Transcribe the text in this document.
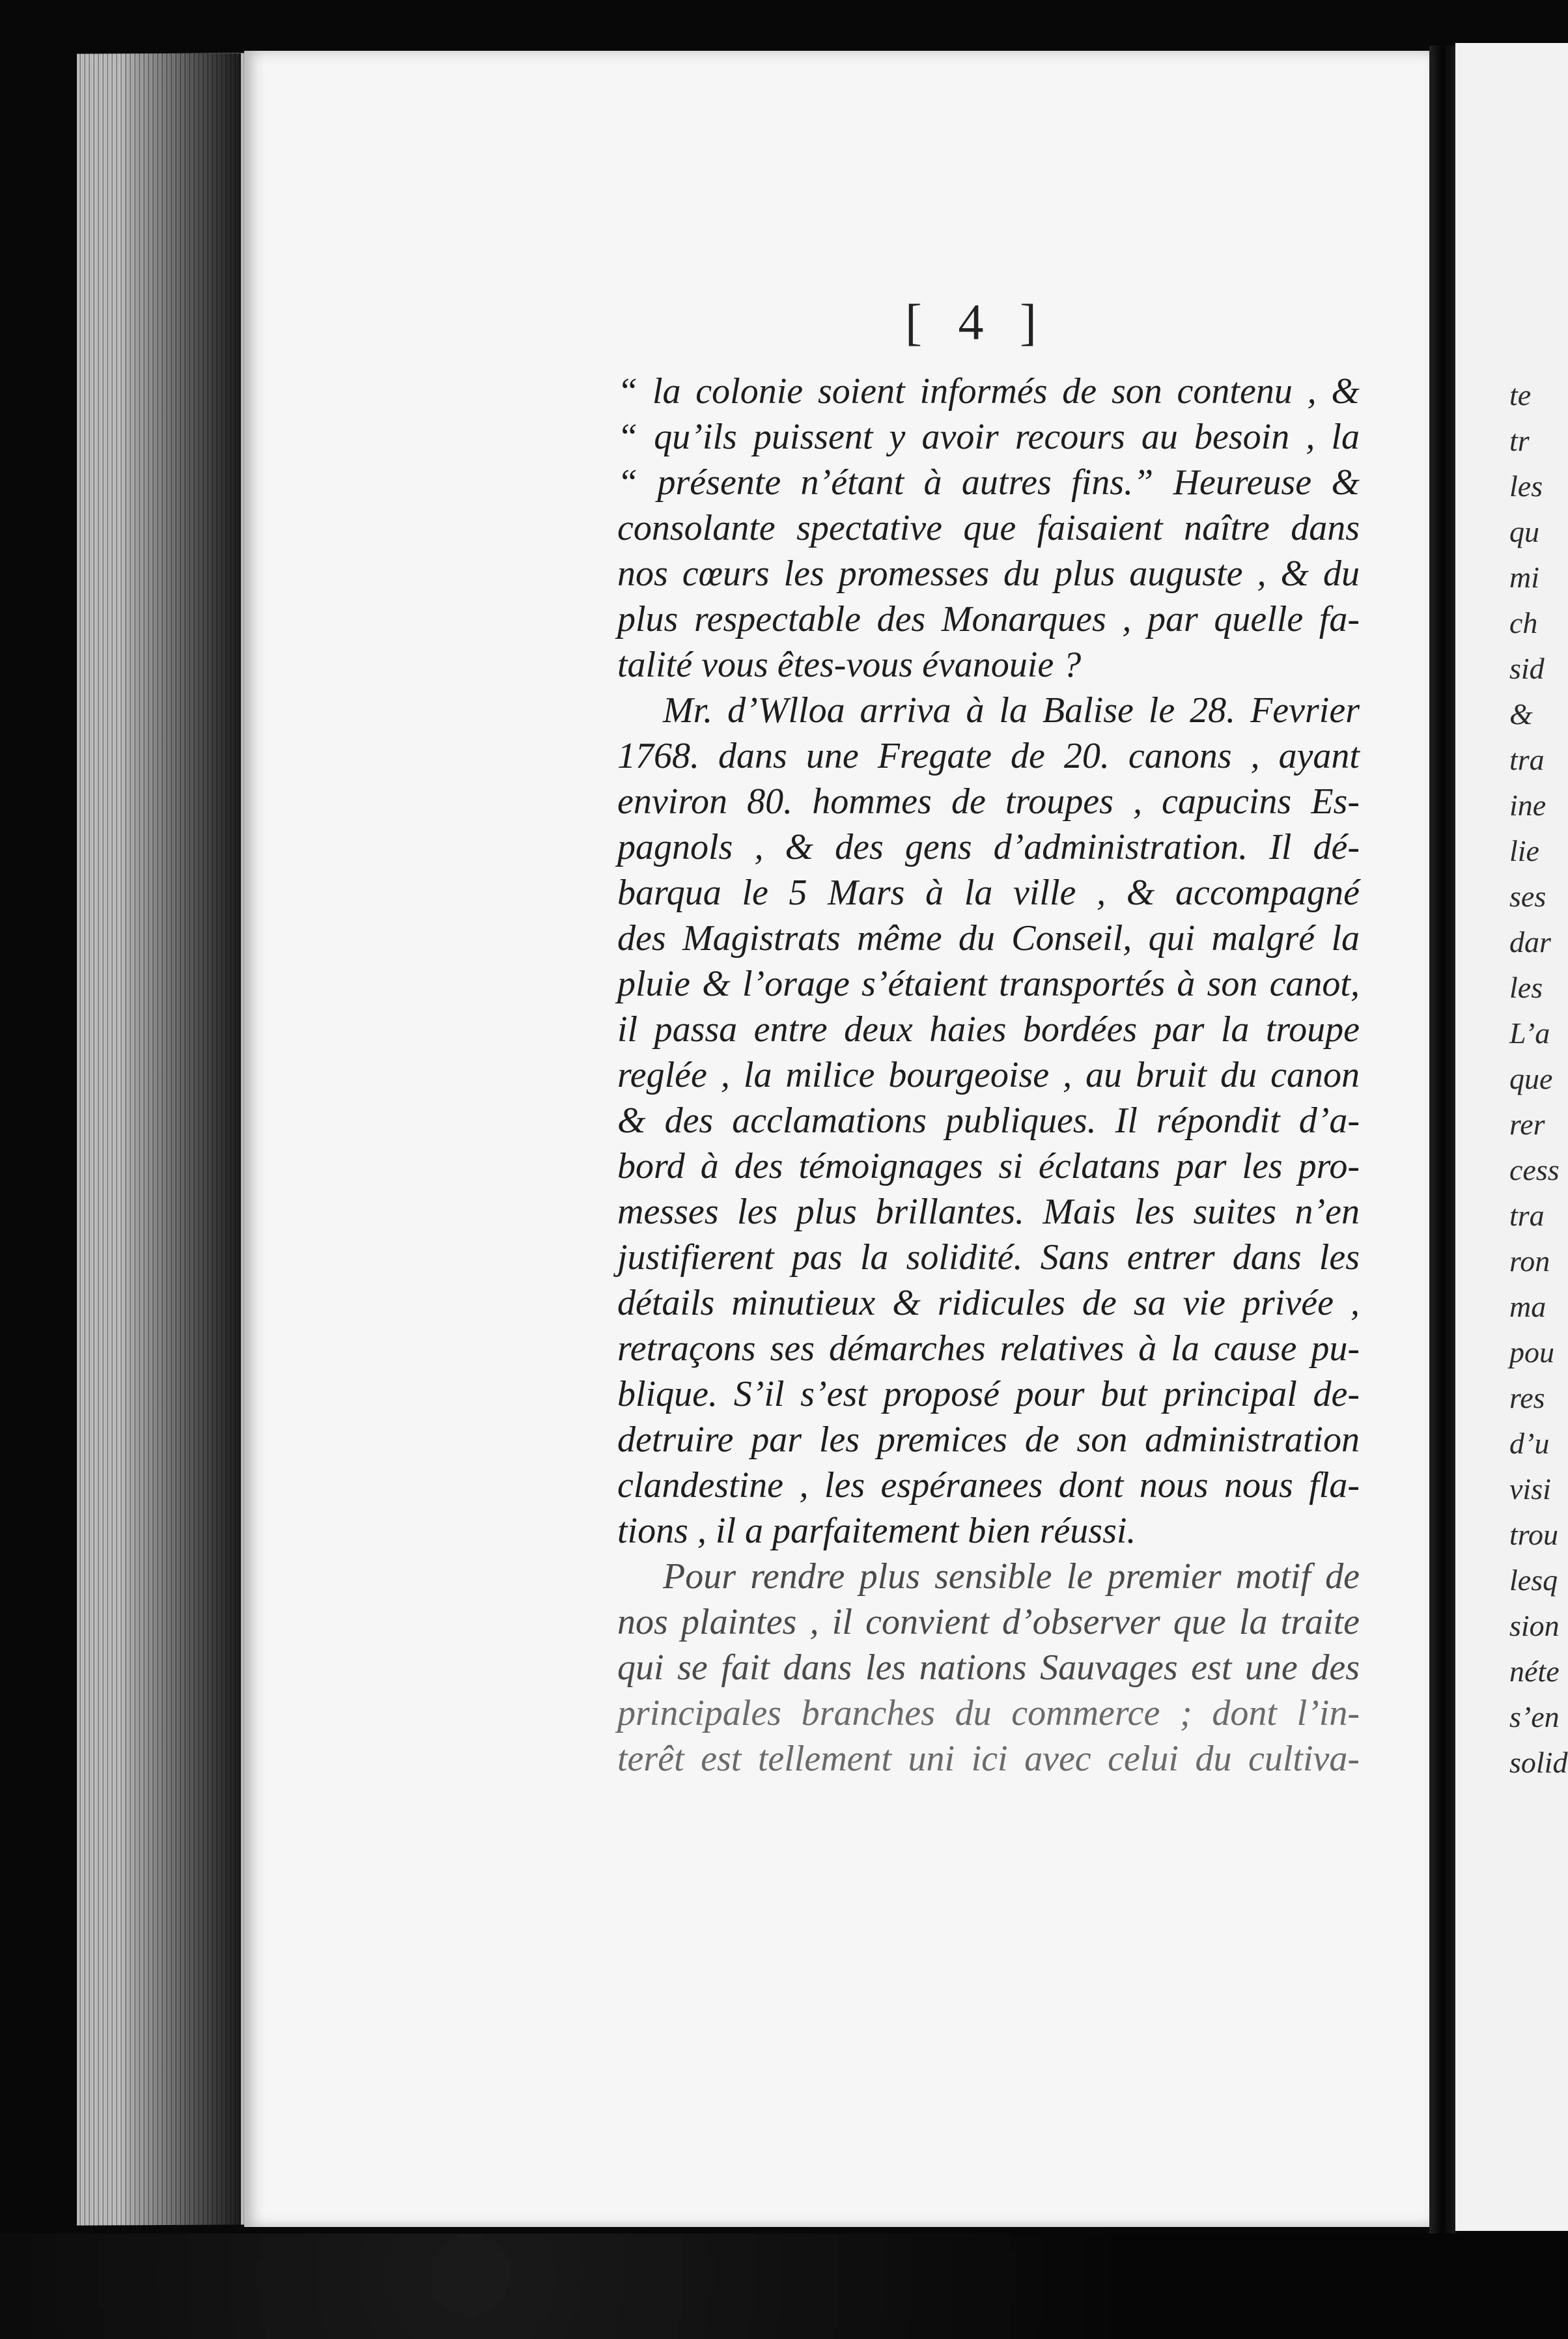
[ 4 ]
“ la colonie soient informés de son contenu , &
“ qu’ils puissent y avoir recours au besoin , la
“ présente n’étant à autres fins.” Heureuse &
consolante spectative que faisaient naître dans
nos cœurs les promesses du plus auguste , & du
plus respectable des Monarques , par quelle fa-
talité vous êtes-vous évanouie ?
Mr. d’Wlloa arriva à la Balise le 28. Fevrier
1768. dans une Fregate de 20. canons , ayant
environ 80. hommes de troupes , capucins Es-
pagnols , & des gens d’administration. Il dé-
barqua le 5 Mars à la ville , & accompagné
des Magistrats même du Conseil, qui malgré la
pluie & l’orage s’étaient transportés à son canot,
il passa entre deux haies bordées par la troupe
reglée , la milice bourgeoise , au bruit du canon
& des acclamations publiques. Il répondit d’a-
bord à des témoignages si éclatans par les pro-
messes les plus brillantes. Mais les suites n’en
justifierent pas la solidité. Sans entrer dans les
détails minutieux & ridicules de sa vie privée ,
retraçons ses démarches relatives à la cause pu-
blique. S’il s’est proposé pour but principal de-
detruire par les premices de son administration
clandestine , les espéranees dont nous nous fla-
tions , il a parfaitement bien réussi.
Pour rendre plus sensible le premier motif de
nos plaintes , il convient d’observer que la traite
qui se fait dans les nations Sauvages est une des
principales branches du commerce ; dont l’in-
terêt est tellement uni ici avec celui du cultiva-
te
tr
les
qu
mi
ch
sid
&
tra
ine
lie
ses
dar
les
L’a
que
rer
cess
tra
ron
ma
pou
res
d’u
visi
trou
lesq
sion
néte
s’en
solid
